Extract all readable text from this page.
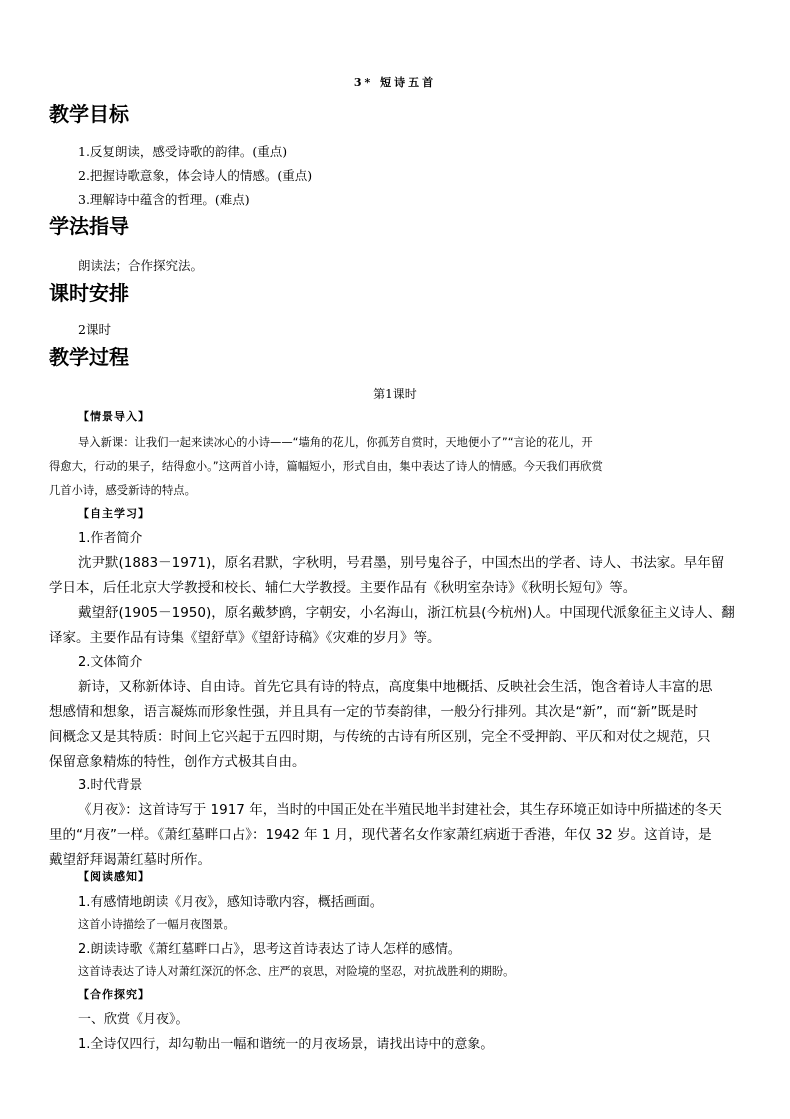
3* 短诗五首
教学目标
1.反复朗读，感受诗歌的韵律。(重点)
2.把握诗歌意象，体会诗人的情感。(重点)
3.理解诗中蕴含的哲理。(难点)
学法指导
朗读法；合作探究法。
课时安排
2课时
教学过程
第1课时
【情景导入】
导入新课：让我们一起来读冰心的小诗——“墙角的花儿，你孤芳自赏时，天地便小了”“言论的花儿，开
得愈大，行动的果子，结得愈小。”这两首小诗，篇幅短小，形式自由，集中表达了诗人的情感。今天我们再欣赏
几首小诗，感受新诗的特点。
【自主学习】
1.作者简介
沈尹默(1883－1971)，原名君默，字秋明，号君墨，别号鬼谷子，中国杰出的学者、诗人、书法家。早年留
学日本，后任北京大学教授和校长、辅仁大学教授。主要作品有《秋明室杂诗》《秋明长短句》等。
戴望舒(1905－1950)，原名戴梦鸥，字朝安，小名海山，浙江杭县(今杭州)人。中国现代派象征主义诗人、翻
译家。主要作品有诗集《望舒草》《望舒诗稿》《灾难的岁月》等。
2.文体简介
新诗，又称新体诗、自由诗。首先它具有诗的特点，高度集中地概括、反映社会生活，饱含着诗人丰富的思
想感情和想象，语言凝炼而形象性强，并且具有一定的节奏韵律，一般分行排列。其次是“新”，而“新”既是时
间概念又是其特质：时间上它兴起于五四时期，与传统的古诗有所区别，完全不受押韵、平仄和对仗之规范，只
保留意象精炼的特性，创作方式极其自由。
3.时代背景
《月夜》：这首诗写于 1917 年，当时的中国正处在半殖民地半封建社会，其生存环境正如诗中所描述的冬天
里的“月夜”一样。《萧红墓畔口占》：1942 年 1 月，现代著名女作家萧红病逝于香港，年仅 32 岁。这首诗，是
戴望舒拜谒萧红墓时所作。
【阅读感知】
1.有感情地朗读《月夜》，感知诗歌内容，概括画面。
这首小诗描绘了一幅月夜图景。
2.朗读诗歌《萧红墓畔口占》，思考这首诗表达了诗人怎样的感情。
这首诗表达了诗人对萧红深沉的怀念、庄严的哀思，对险境的坚忍，对抗战胜利的期盼。
【合作探究】
一、欣赏《月夜》。
1.全诗仅四行，却勾勒出一幅和谐统一的月夜场景，请找出诗中的意象。
